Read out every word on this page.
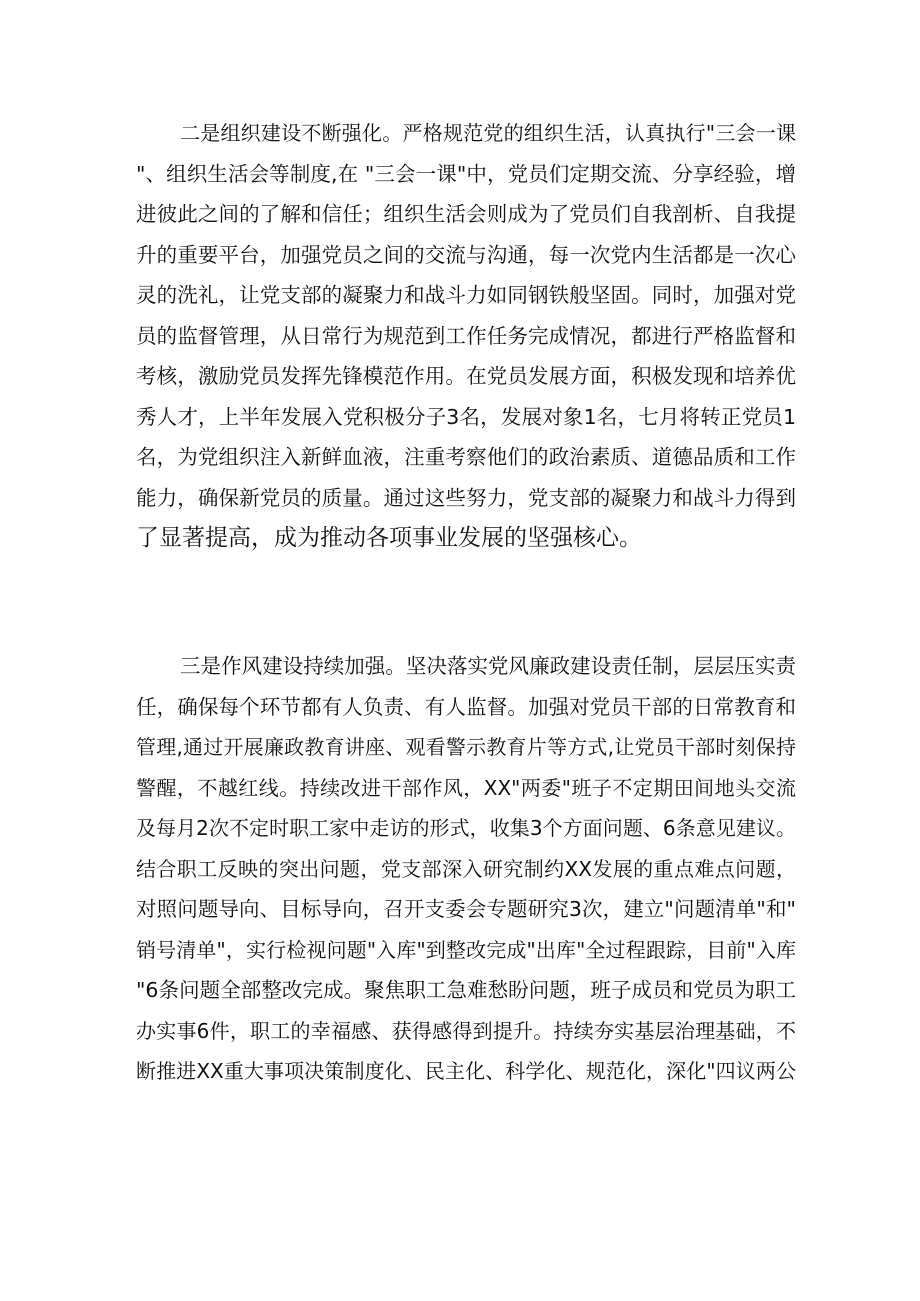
二是组织建设不断强化。严格规范党的组织生活，认真执行"三会一课
"、组织生活会等制度,在 "三会一课"中，党员们定期交流、分享经验，增
进彼此之间的了解和信任；组织生活会则成为了党员们自我剖析、自我提
升的重要平台，加强党员之间的交流与沟通，每一次党内生活都是一次心
灵的洗礼，让党支部的凝聚力和战斗力如同钢铁般坚固。同时，加强对党
员的监督管理，从日常行为规范到工作任务完成情况，都进行严格监督和
考核，激励党员发挥先锋模范作用。在党员发展方面，积极发现和培养优
秀人才，上半年发展入党积极分子3名，发展对象1名，七月将转正党员1
名，为党组织注入新鲜血液，注重考察他们的政治素质、道德品质和工作
能力，确保新党员的质量。通过这些努力，党支部的凝聚力和战斗力得到
了显著提高，成为推动各项事业发展的坚强核心。

三是作风建设持续加强。坚决落实党风廉政建设责任制，层层压实责
任，确保每个环节都有人负责、有人监督。加强对党员干部的日常教育和
管理,通过开展廉政教育讲座、观看警示教育片等方式,让党员干部时刻保持
警醒，不越红线。持续改进干部作风，XX"两委"班子不定期田间地头交流
及每月2次不定时职工家中走访的形式，收集3个方面问题、6条意见建议。
结合职工反映的突出问题，党支部深入研究制约XX发展的重点难点问题，
对照问题导向、目标导向，召开支委会专题研究3次，建立"问题清单"和"
销号清单"，实行检视问题"入库"到整改完成"出库"全过程跟踪，目前"入库
"6条问题全部整改完成。聚焦职工急难愁盼问题，班子成员和党员为职工
办实事6件，职工的幸福感、获得感得到提升。持续夯实基层治理基础，不
断推进XX重大事项决策制度化、民主化、科学化、规范化，深化"四议两公
